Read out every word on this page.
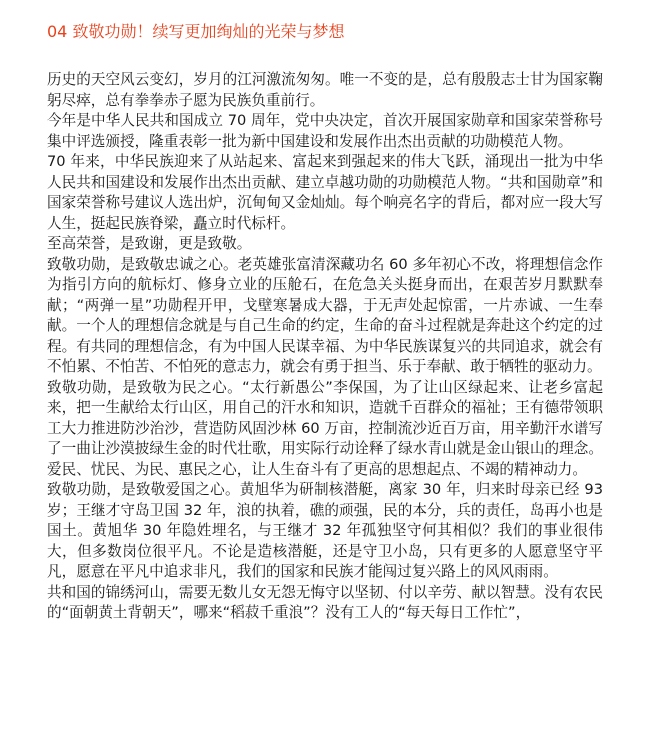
04 致敬功勋！续写更加绚灿的光荣与梦想

历史的天空风云变幻，岁月的江河激流匆匆。唯一不变的是，总有殷殷志士甘为国家鞠躬尽瘁，总有拳拳赤子愿为民族负重前行。

今年是中华人民共和国成立 70 周年，党中央决定，首次开展国家勋章和国家荣誉称号集中评选颁授，隆重表彰一批为新中国建设和发展作出杰出贡献的功勋模范人物。

70 年来，中华民族迎来了从站起来、富起来到强起来的伟大飞跃，涌现出一批为中华人民共和国建设和发展作出杰出贡献、建立卓越功勋的功勋模范人物。“共和国勋章”和国家荣誉称号建议人选出炉，沉甸甸又金灿灿。每个响亮名字的背后，都对应一段大写人生，挺起民族脊梁，矗立时代标杆。

至高荣誉，是致谢，更是致敬。

致敬功勋，是致敬忠诚之心。老英雄张富清深藏功名 60 多年初心不改，将理想信念作为指引方向的航标灯、修身立业的压舱石，在危急关头挺身而出，在艰苦岁月默默奉献；“两弹一星”功勋程开甲，戈壁寒暑成大器，于无声处起惊雷，一片赤诚、一生奉献。一个人的理想信念就是与自己生命的约定，生命的奋斗过程就是奔赴这个约定的过程。有共同的理想信念，有为中国人民谋幸福、为中华民族谋复兴的共同追求，就会有不怕累、不怕苦、不怕死的意志力，就会有勇于担当、乐于奉献、敢于牺牲的驱动力。

致敬功勋，是致敬为民之心。“太行新愚公”李保国，为了让山区绿起来、让老乡富起来，把一生献给太行山区，用自己的汗水和知识，造就千百群众的福祉；王有德带领职工大力推进防沙治沙，营造防风固沙林 60 万亩，控制流沙近百万亩，用辛勤汗水谱写了一曲让沙漠披绿生金的时代壮歌，用实际行动诠释了绿水青山就是金山银山的理念。爱民、忧民、为民、惠民之心，让人生奋斗有了更高的思想起点、不竭的精神动力。

致敬功勋，是致敬爱国之心。黄旭华为研制核潜艇，离家 30 年，归来时母亲已经 93 岁；王继才守岛卫国 32 年，浪的执着，礁的顽强，民的本分，兵的责任，岛再小也是国土。黄旭华 30 年隐姓埋名，与王继才 32 年孤独坚守何其相似？我们的事业很伟大，但多数岗位很平凡。不论是造核潜艇，还是守卫小岛，只有更多的人愿意坚守平凡，愿意在平凡中追求非凡，我们的国家和民族才能闯过复兴路上的风风雨雨。

共和国的锦绣河山，需要无数儿女无怨无悔守以坚韧、付以辛劳、献以智慧。没有农民的“面朝黄土背朝天”，哪来“稻菽千重浪”？没有工人的“每天每日工作忙”，
